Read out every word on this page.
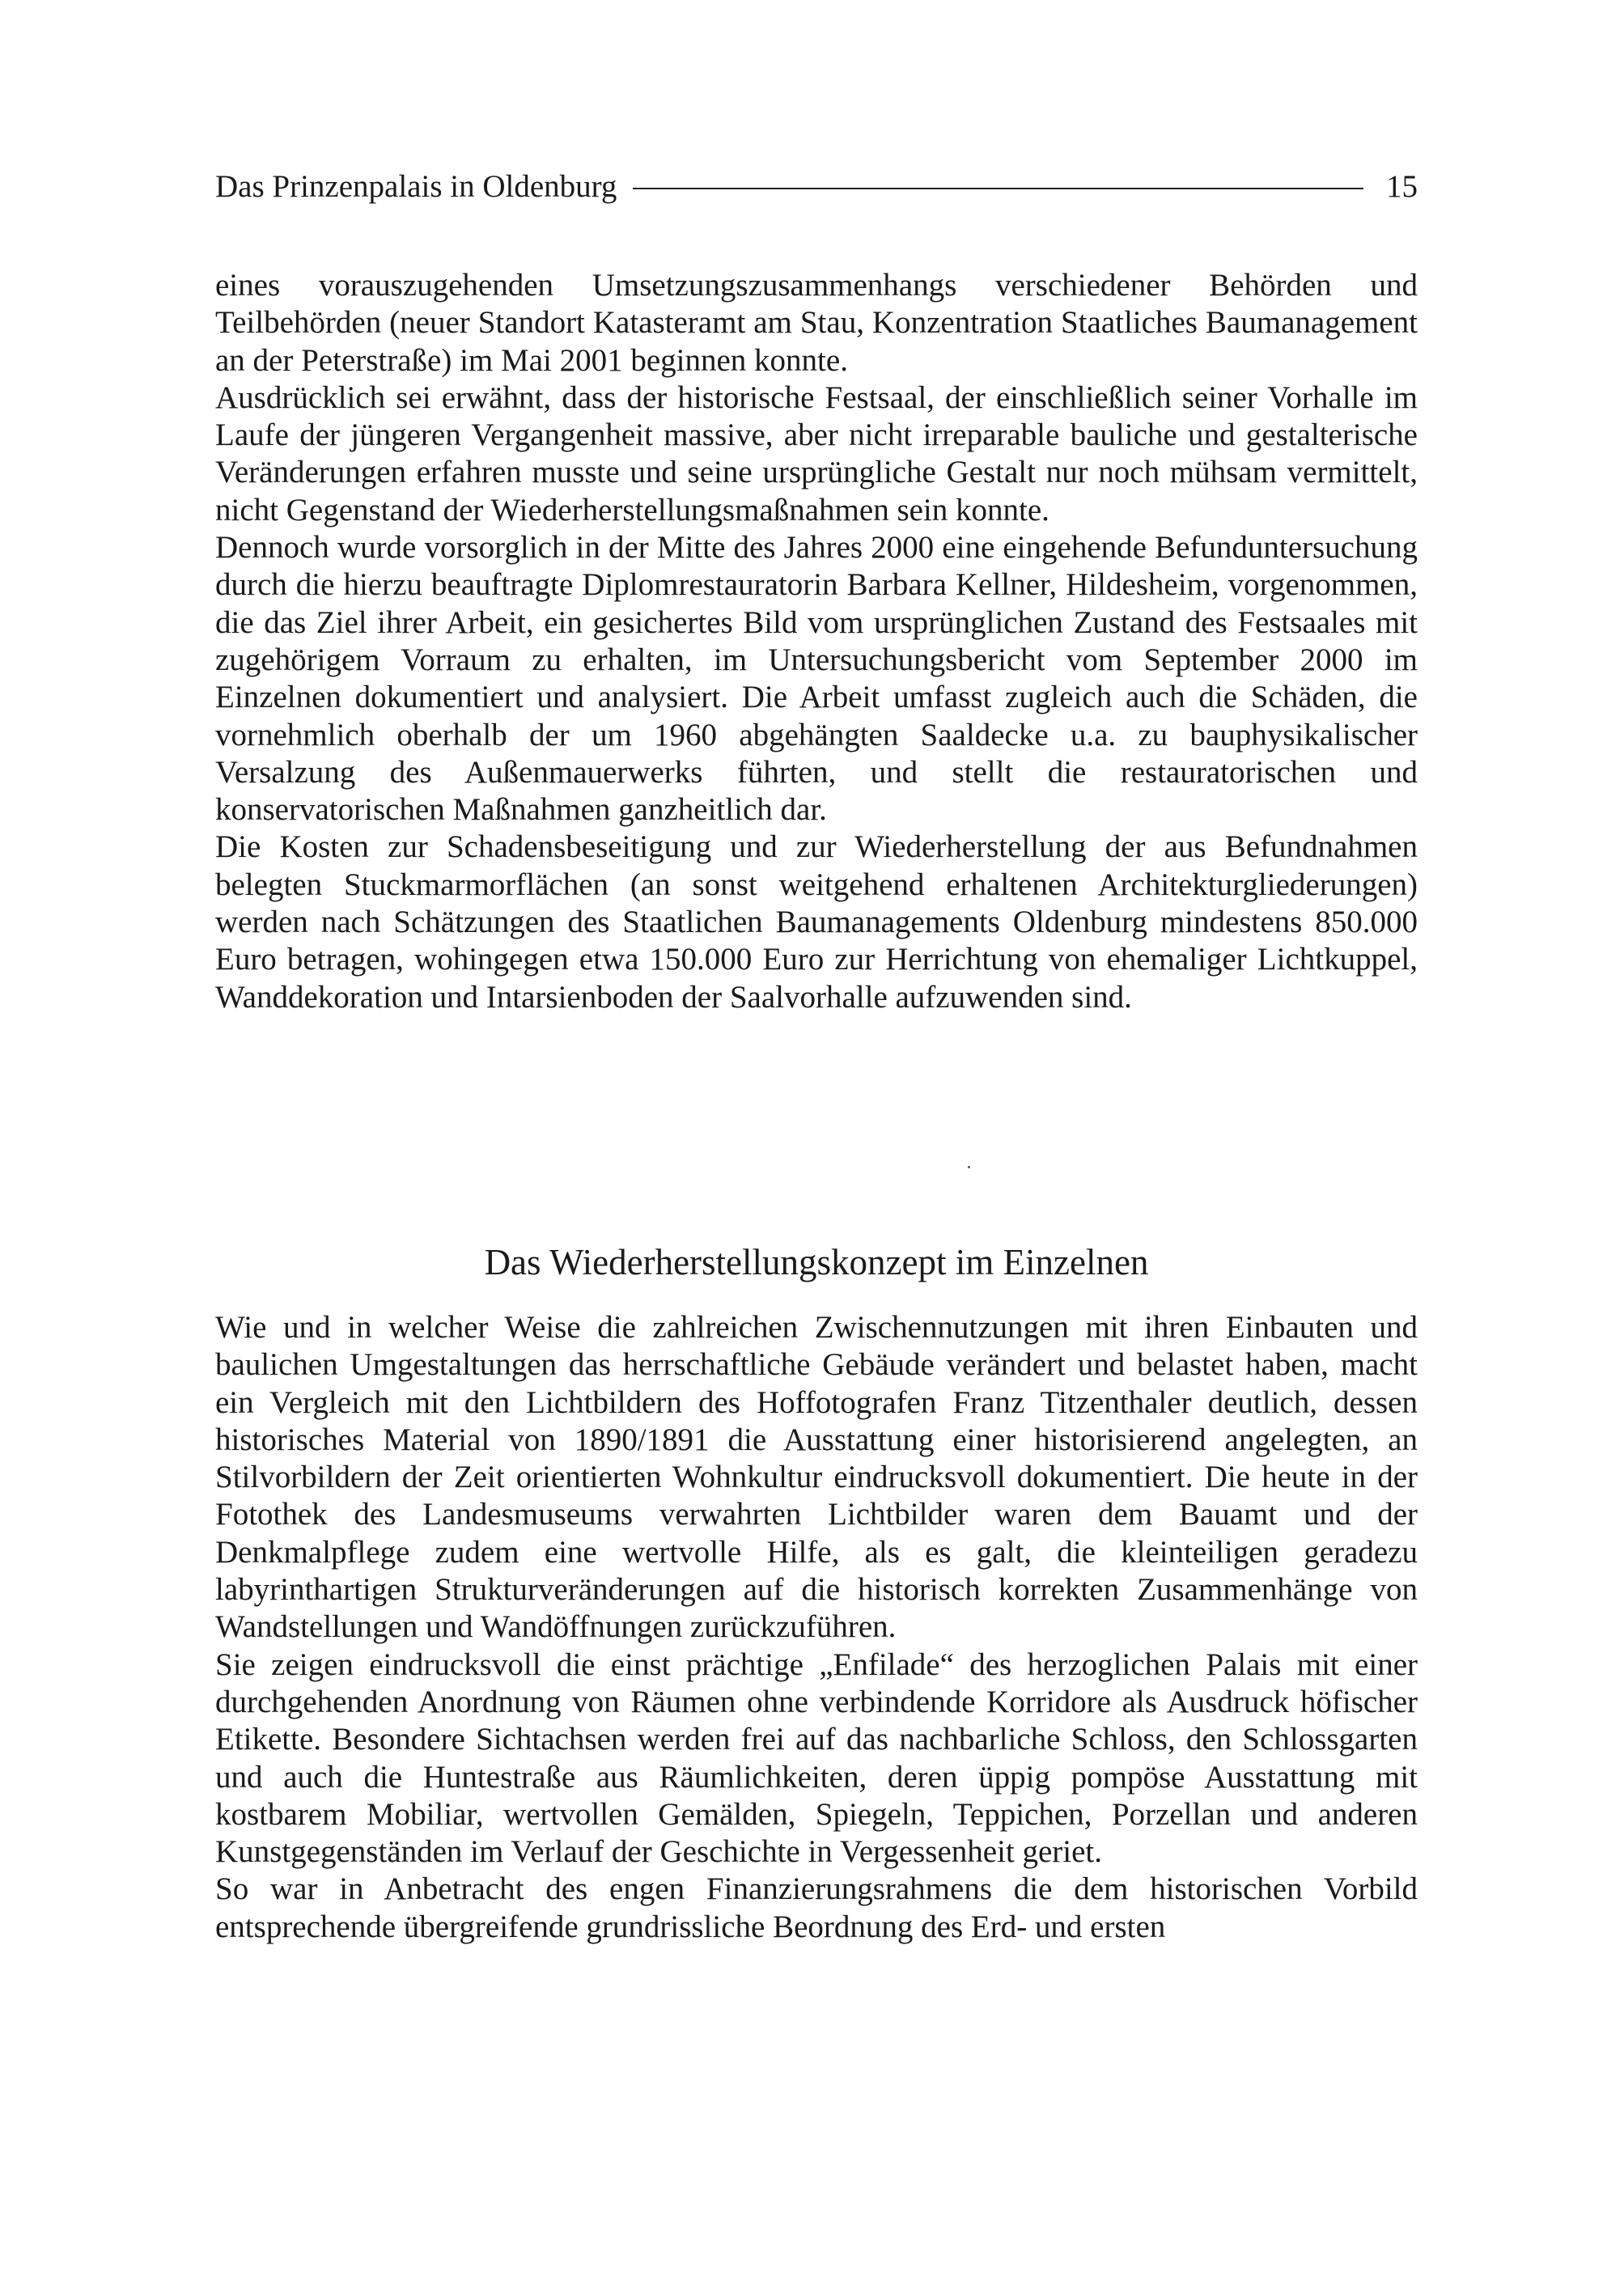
Das Prinzenpalais in Oldenburg	15

eines vorauszugehenden Umsetzungszusammenhangs verschiedener Behörden und Teilbehörden (neuer Standort Katasteramt am Stau, Konzentration Staatliches Baumanagement an der Peterstraße) im Mai 2001 beginnen konnte.

Ausdrücklich sei erwähnt, dass der historische Festsaal, der einschließlich seiner Vorhalle im Laufe der jüngeren Vergangenheit massive, aber nicht irreparable bauliche und gestalterische Veränderungen erfahren musste und seine ursprüngliche Gestalt nur noch mühsam vermittelt, nicht Gegenstand der Wiederherstellungsmaßnahmen sein konnte.

Dennoch wurde vorsorglich in der Mitte des Jahres 2000 eine eingehende Befunduntersuchung durch die hierzu beauftragte Diplomrestauratorin Barbara Kellner, Hildesheim, vorgenommen, die das Ziel ihrer Arbeit, ein gesichertes Bild vom ursprünglichen Zustand des Festsaales mit zugehörigem Vorraum zu erhalten, im Untersuchungsbericht vom September 2000 im Einzelnen dokumentiert und analysiert. Die Arbeit umfasst zugleich auch die Schäden, die vornehmlich oberhalb der um 1960 abgehängten Saaldecke u.a. zu bauphysikalischer Versalzung des Außenmauerwerks führten, und stellt die restauratorischen und konservatorischen Maßnahmen ganzheitlich dar.

Die Kosten zur Schadensbeseitigung und zur Wiederherstellung der aus Befundnahmen belegten Stuckmarmorflächen (an sonst weitgehend erhaltenen Architekturgliederungen) werden nach Schätzungen des Staatlichen Baumanagements Oldenburg mindestens 850.000 Euro betragen, wohingegen etwa 150.000 Euro zur Herrichtung von ehemaliger Lichtkuppel, Wanddekoration und Intarsienboden der Saalvorhalle aufzuwenden sind.

Das Wiederherstellungskonzept im Einzelnen

Wie und in welcher Weise die zahlreichen Zwischennutzungen mit ihren Einbauten und baulichen Umgestaltungen das herrschaftliche Gebäude verändert und belastet haben, macht ein Vergleich mit den Lichtbildern des Hoffotografen Franz Titzenthaler deutlich, dessen historisches Material von 1890/1891 die Ausstattung einer historisierend angelegten, an Stilvorbildern der Zeit orientierten Wohnkultur eindrucksvoll dokumentiert. Die heute in der Fotothek des Landesmuseums verwahrten Lichtbilder waren dem Bauamt und der Denkmalpflege zudem eine wertvolle Hilfe, als es galt, die kleinteiligen geradezu labyrinthartigen Strukturveränderungen auf die historisch korrekten Zusammenhänge von Wandstellungen und Wandöffnungen zurückzuführen.

Sie zeigen eindrucksvoll die einst prächtige „Enfilade“ des herzoglichen Palais mit einer durchgehenden Anordnung von Räumen ohne verbindende Korridore als Ausdruck höfischer Etikette. Besondere Sichtachsen werden frei auf das nachbarliche Schloss, den Schlossgarten und auch die Huntestraße aus Räumlichkeiten, deren üppig pompöse Ausstattung mit kostbarem Mobiliar, wertvollen Gemälden, Spiegeln, Teppichen, Porzellan und anderen Kunstgegenständen im Verlauf der Geschichte in Vergessenheit geriet.

So war in Anbetracht des engen Finanzierungsrahmens die dem historischen Vorbild entsprechende übergreifende grundrissliche Beordnung des Erd- und ersten
